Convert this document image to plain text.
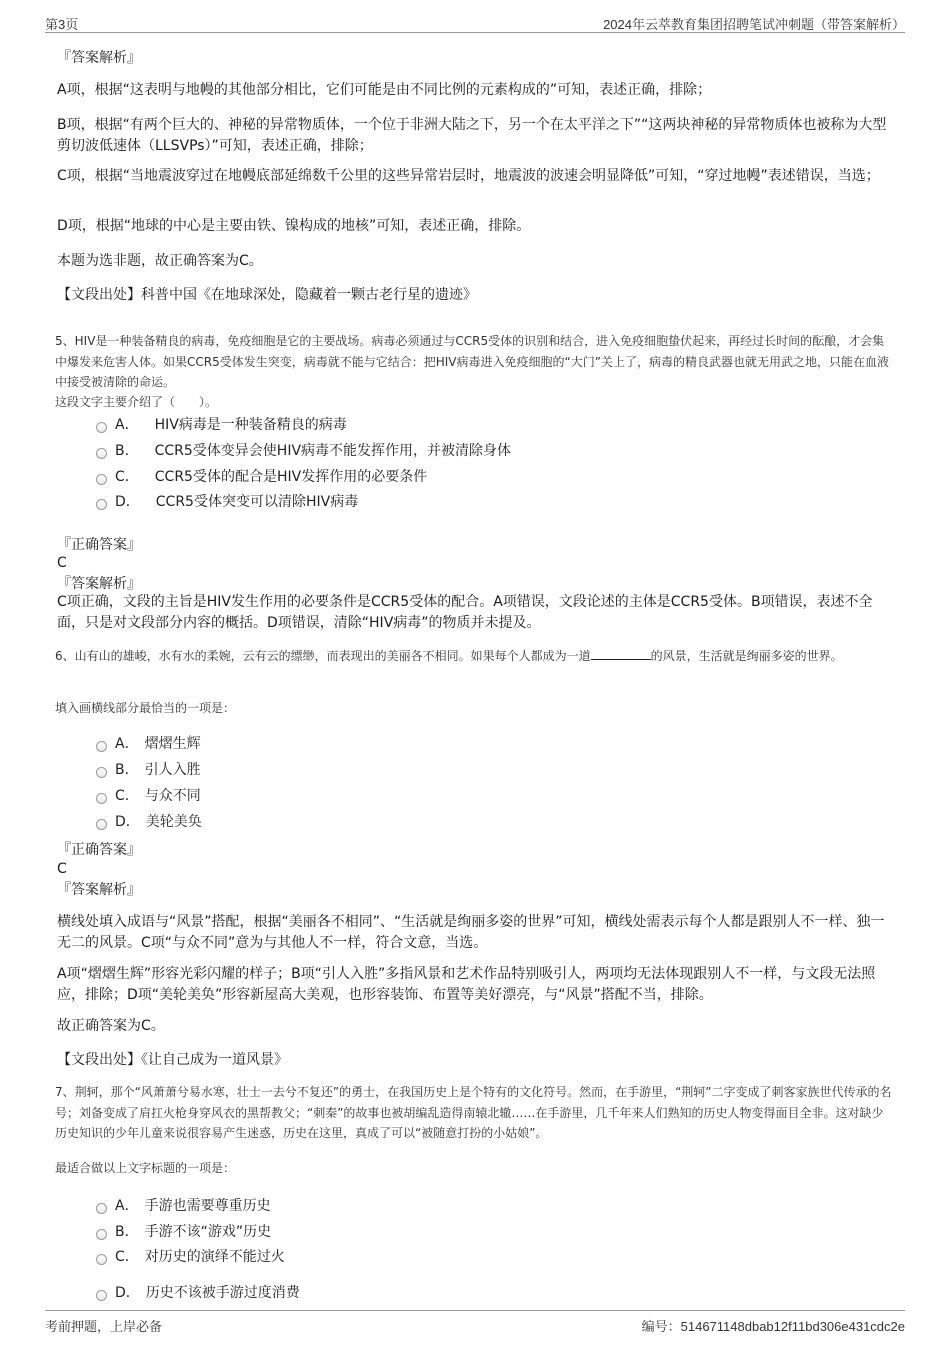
第3页	2024年云萃教育集团招聘笔试冲刺题（带答案解析）
『答案解析』
A项，根据“这表明与地幔的其他部分相比，它们可能是由不同比例的元素构成的”可知，表述正确，排除；
B项，根据“有两个巨大的、神秘的异常物质体，一个位于非洲大陆之下，另一个在太平洋之下”“这两块神秘的异常物质体也被称为大型剪切波低速体（LLSVPs）”可知，表述正确，排除；
C项，根据“当地震波穿过在地幔底部延绵数千公里的这些异常岩层时，地震波的波速会明显降低”可知，“穿过地幔”表述错误，当选；
D项，根据“地球的中心是主要由铁、镍构成的地核”可知，表述正确，排除。
本题为选非题，故正确答案为C。
【文段出处】科普中国《在地球深处，隐藏着一颗古老行星的遗迹》
5、HIV是一种装备精良的病毒，免疫细胞是它的主要战场。病毒必须通过与CCR5受体的识别和结合，进入免疫细胞蛰伏起来，再经过长时间的酝酿，才会集中爆发来危害人体。如果CCR5受体发生突变，病毒就不能与它结合：把HIV病毒进入免疫细胞的“大门”关上了，病毒的精良武器也就无用武之地，只能在血液中接受被清除的命运。
这段文字主要介绍了（　　）。
A． HIV病毒是一种装备精良的病毒
B． CCR5受体变异会使HIV病毒不能发挥作用，并被清除身体
C． CCR5受体的配合是HIV发挥作用的必要条件
D． CCR5受体突变可以清除HIV病毒
『正确答案』
C
『答案解析』
C项正确，文段的主旨是HIV发生作用的必要条件是CCR5受体的配合。A项错误，文段论述的主体是CCR5受体。B项错误，表述不全面，只是对文段部分内容的概括。D项错误，清除“HIV病毒”的物质并未提及。
6、山有山的雄峻，水有水的柔婉，云有云的缥缈，而表现出的美丽各不相同。如果每个人都成为一道	的风景，生活就是绚丽多姿的世界。
填入画横线部分最恰当的一项是：
A． 熠熠生辉
B． 引人入胜
C． 与众不同
D． 美轮美奂
『正确答案』
C
『答案解析』
横线处填入成语与“风景”搭配，根据“美丽各不相同”、“生活就是绚丽多姿的世界”可知，横线处需表示每个人都是跟别人不一样、独一无二的风景。C项“与众不同”意为与其他人不一样，符合文意，当选。
A项“熠熠生辉”形容光彩闪耀的样子；B项“引人入胜”多指风景和艺术作品特别吸引人，两项均无法体现跟别人不一样，与文段无法照应，排除；D项“美轮美奂”形容新屋高大美观，也形容装饰、布置等美好漂亮，与“风景”搭配不当，排除。
故正确答案为C。
【文段出处】《让自己成为一道风景》
7、荆轲，那个“风萧萧兮易水寒，壮士一去兮不复还”的勇士，在我国历史上是个特有的文化符号。然而，在手游里，“荆轲”二字变成了刺客家族世代传承的名号；刘备变成了肩扛火枪身穿风衣的黑帮教父；“刺秦”的故事也被胡编乱造得南辕北辙……在手游里，几千年来人们熟知的历史人物变得面目全非。这对缺少历史知识的少年儿童来说很容易产生迷惑，历史在这里，真成了可以“被随意打扮的小姑娘”。
最适合做以上文字标题的一项是：
A． 手游也需要尊重历史
B． 手游不该“游戏”历史
C． 对历史的演绎不能过火
D． 历史不该被手游过度消费
考前押题，上岸必备	编号：514671148dbab12f11bd306e431cdc2e
